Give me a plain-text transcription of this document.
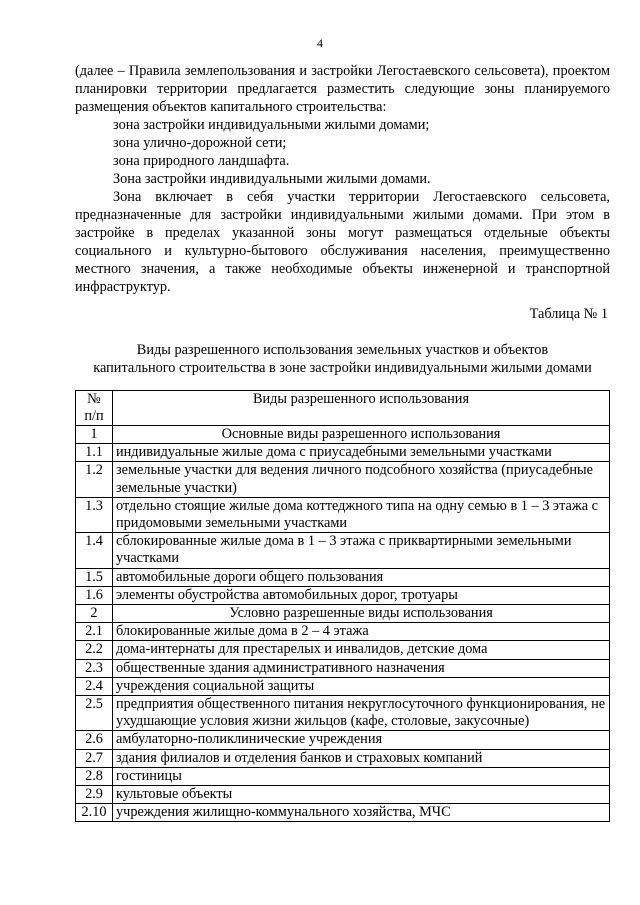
4

(далее – Правила землепользования и застройки Легостаевского сельсовета), проектом планировки территории предлагается разместить следующие зоны планируемого размещения объектов капитального строительства:

зона застройки индивидуальными жилыми домами;

зона улично-дорожной сети;

зона природного ландшафта.

Зона застройки индивидуальными жилыми домами.

Зона включает в себя участки территории Легостаевского сельсовета, предназначенные для застройки индивидуальными жилыми домами. При этом в застройке в пределах указанной зоны могут размещаться отдельные объекты социального и культурно-бытового обслуживания населения, преимущественно местного значения, а также необходимые объекты инженерной и транспортной инфраструктур.

Таблица № 1
Виды разрешенного использования земельных участков и объектов
капитального строительства в зоне застройки индивидуальными жилыми домами
№
п/п	Виды разрешенного использования
1	Основные виды разрешенного использования
1.1	индивидуальные жилые дома с приусадебными земельными участками
1.2	земельные участки для ведения личного подсобного хозяйства (приусадебные земельные участки)
1.3	отдельно стоящие жилые дома коттеджного типа на одну семью в 1 – 3 этажа с придомовыми земельными участками
1.4	сблокированные жилые дома в 1 – 3 этажа с приквартирными земельными участками
1.5	автомобильные дороги общего пользования
1.6	элементы обустройства автомобильных дорог, тротуары
2	Условно разрешенные виды использования
2.1	блокированные жилые дома в 2 – 4 этажа
2.2	дома-интернаты для престарелых и инвалидов, детские дома
2.3	общественные здания административного назначения
2.4	учреждения социальной защиты
2.5	предприятия общественного питания некруглосуточного функционирования, не ухудшающие условия жизни жильцов (кафе, столовые, закусочные)
2.6	амбулаторно-поликлинические учреждения
2.7	здания филиалов и отделения банков и страховых компаний
2.8	гостиницы
2.9	культовые объекты
2.10	учреждения жилищно-коммунального хозяйства, МЧС
